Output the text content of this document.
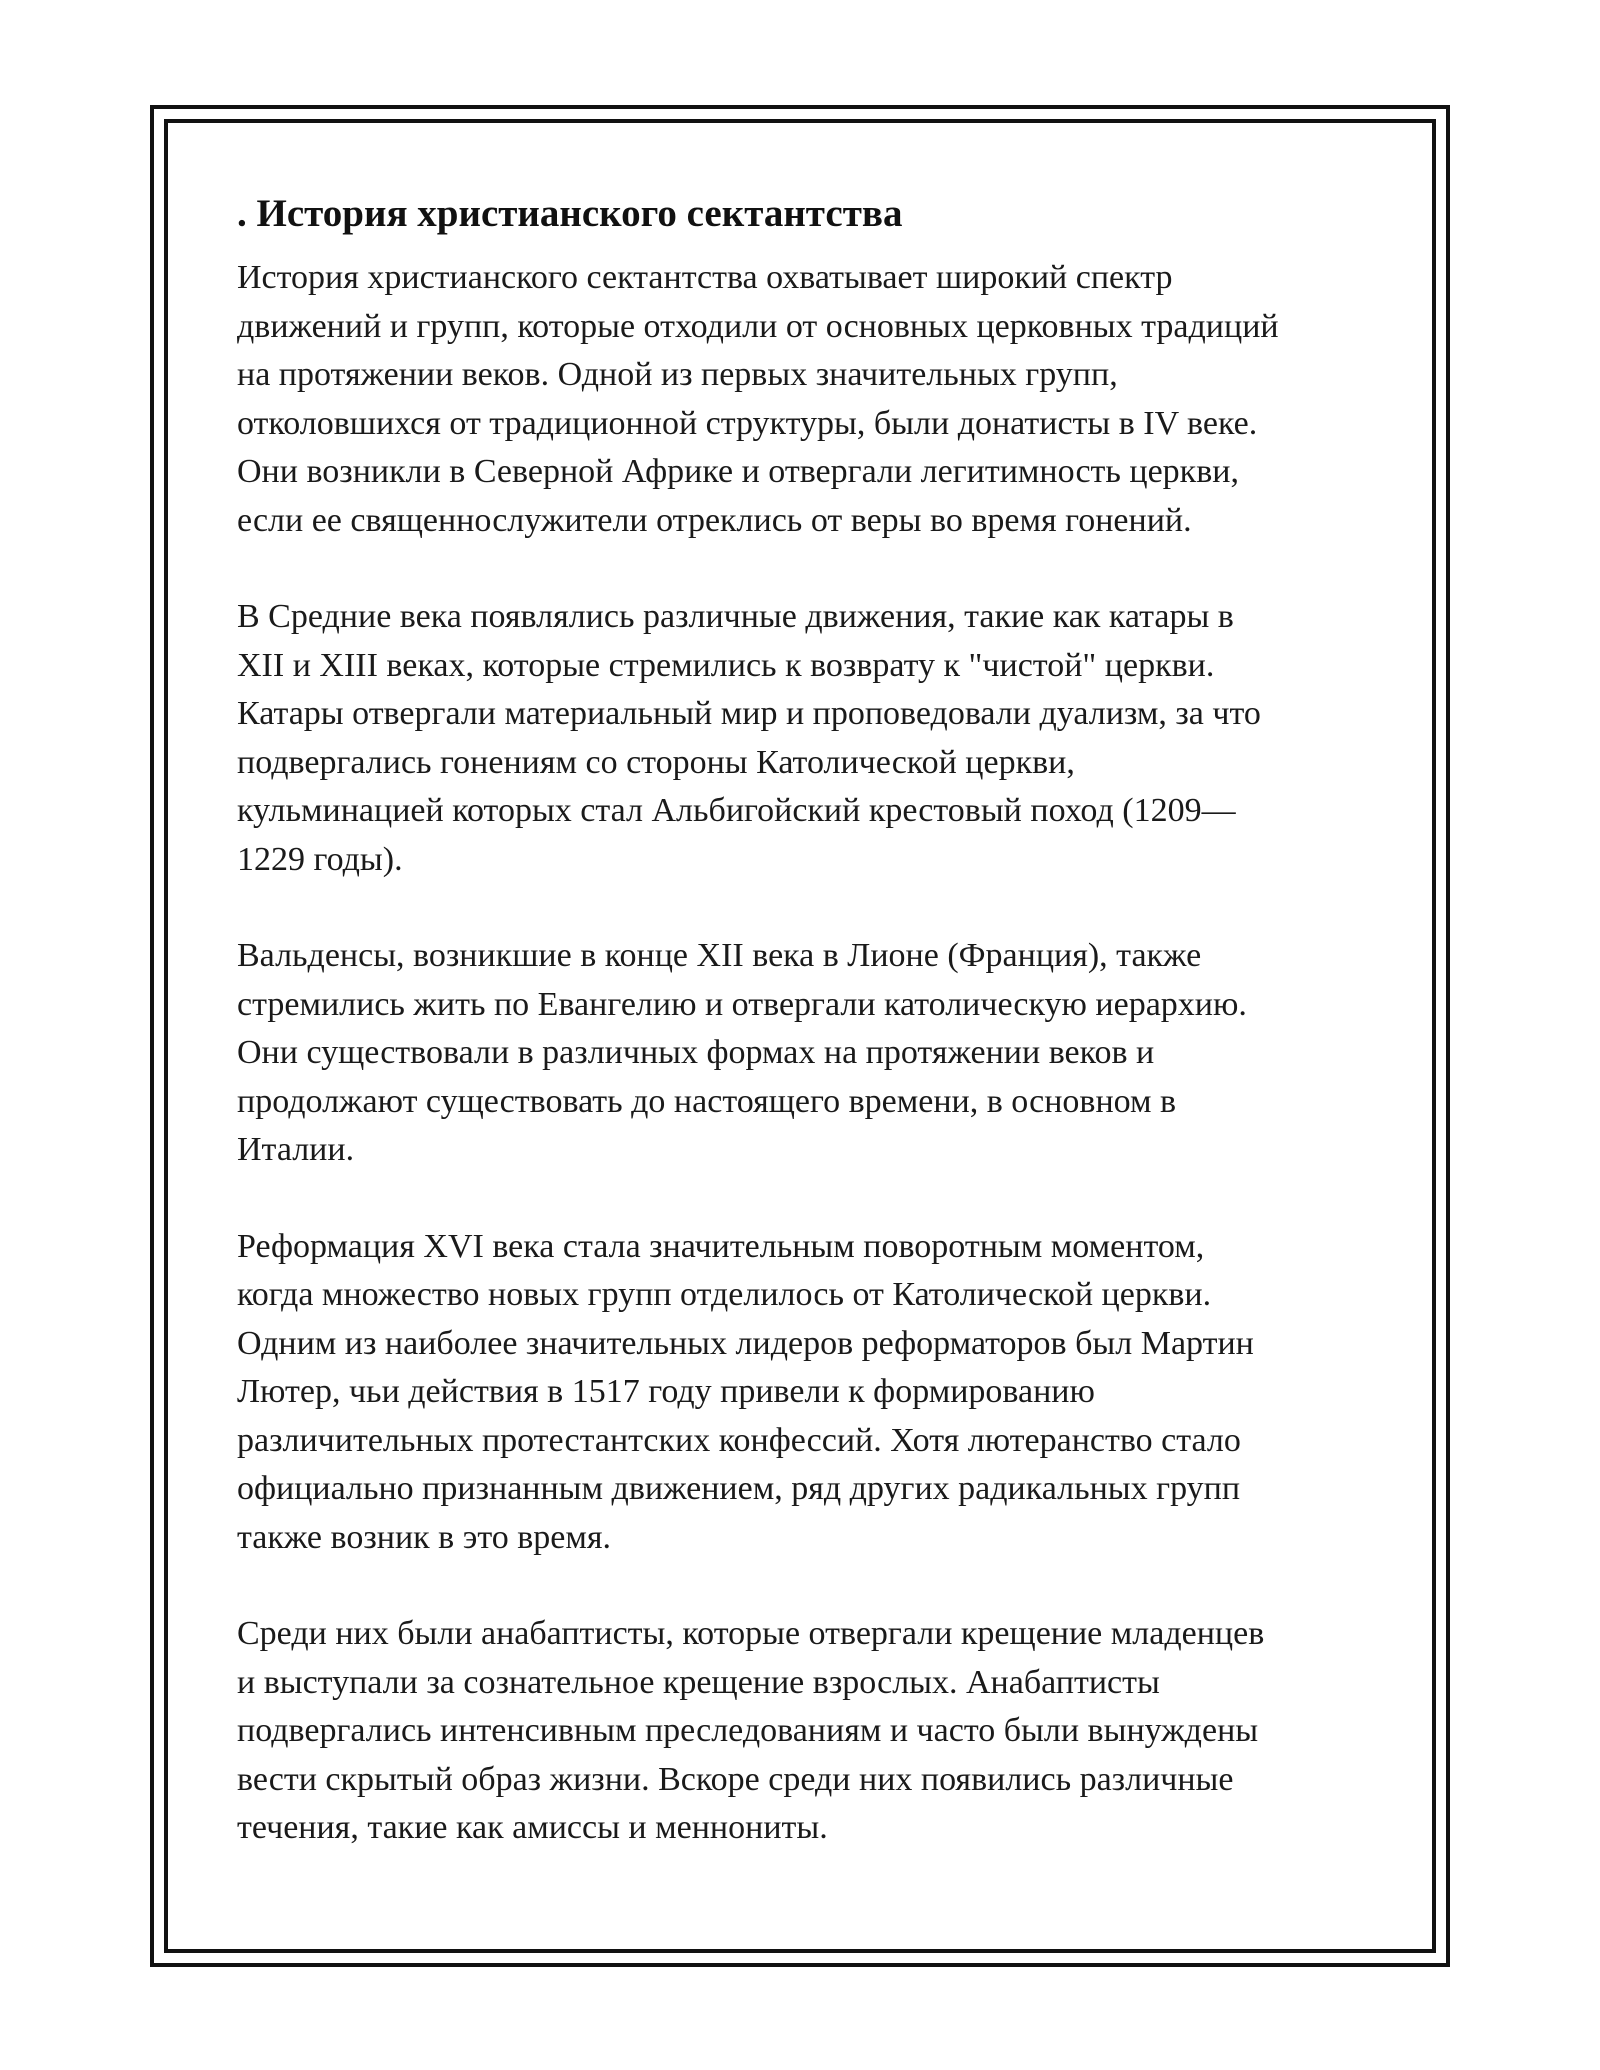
. История христианского сектантства

История христианского сектантства охватывает широкий спектр
движений и групп, которые отходили от основных церковных традиций
на протяжении веков. Одной из первых значительных групп,
отколовшихся от традиционной структуры, были донатисты в IV веке.
Они возникли в Северной Африке и отвергали легитимность церкви,
если ее священнослужители отреклись от веры во время гонений.

В Средние века появлялись различные движения, такие как катары в
XII и XIII веках, которые стремились к возврату к "чистой" церкви.
Катары отвергали материальный мир и проповедовали дуализм, за что
подвергались гонениям со стороны Католической церкви,
кульминацией которых стал Альбигойский крестовый поход (1209—
1229 годы).

Вальденсы, возникшие в конце XII века в Лионе (Франция), также
стремились жить по Евангелию и отвергали католическую иерархию.
Они существовали в различных формах на протяжении веков и
продолжают существовать до настоящего времени, в основном в
Италии.

Реформация XVI века стала значительным поворотным моментом,
когда множество новых групп отделилось от Католической церкви.
Одним из наиболее значительных лидеров реформаторов был Мартин
Лютер, чьи действия в 1517 году привели к формированию
различительных протестантских конфессий. Хотя лютеранство стало
официально признанным движением, ряд других радикальных групп
также возник в это время.

Среди них были анабаптисты, которые отвергали крещение младенцев
и выступали за сознательное крещение взрослых. Анабаптисты
подвергались интенсивным преследованиям и часто были вынуждены
вести скрытый образ жизни. Вскоре среди них появились различные
течения, такие как амиссы и меннониты.
